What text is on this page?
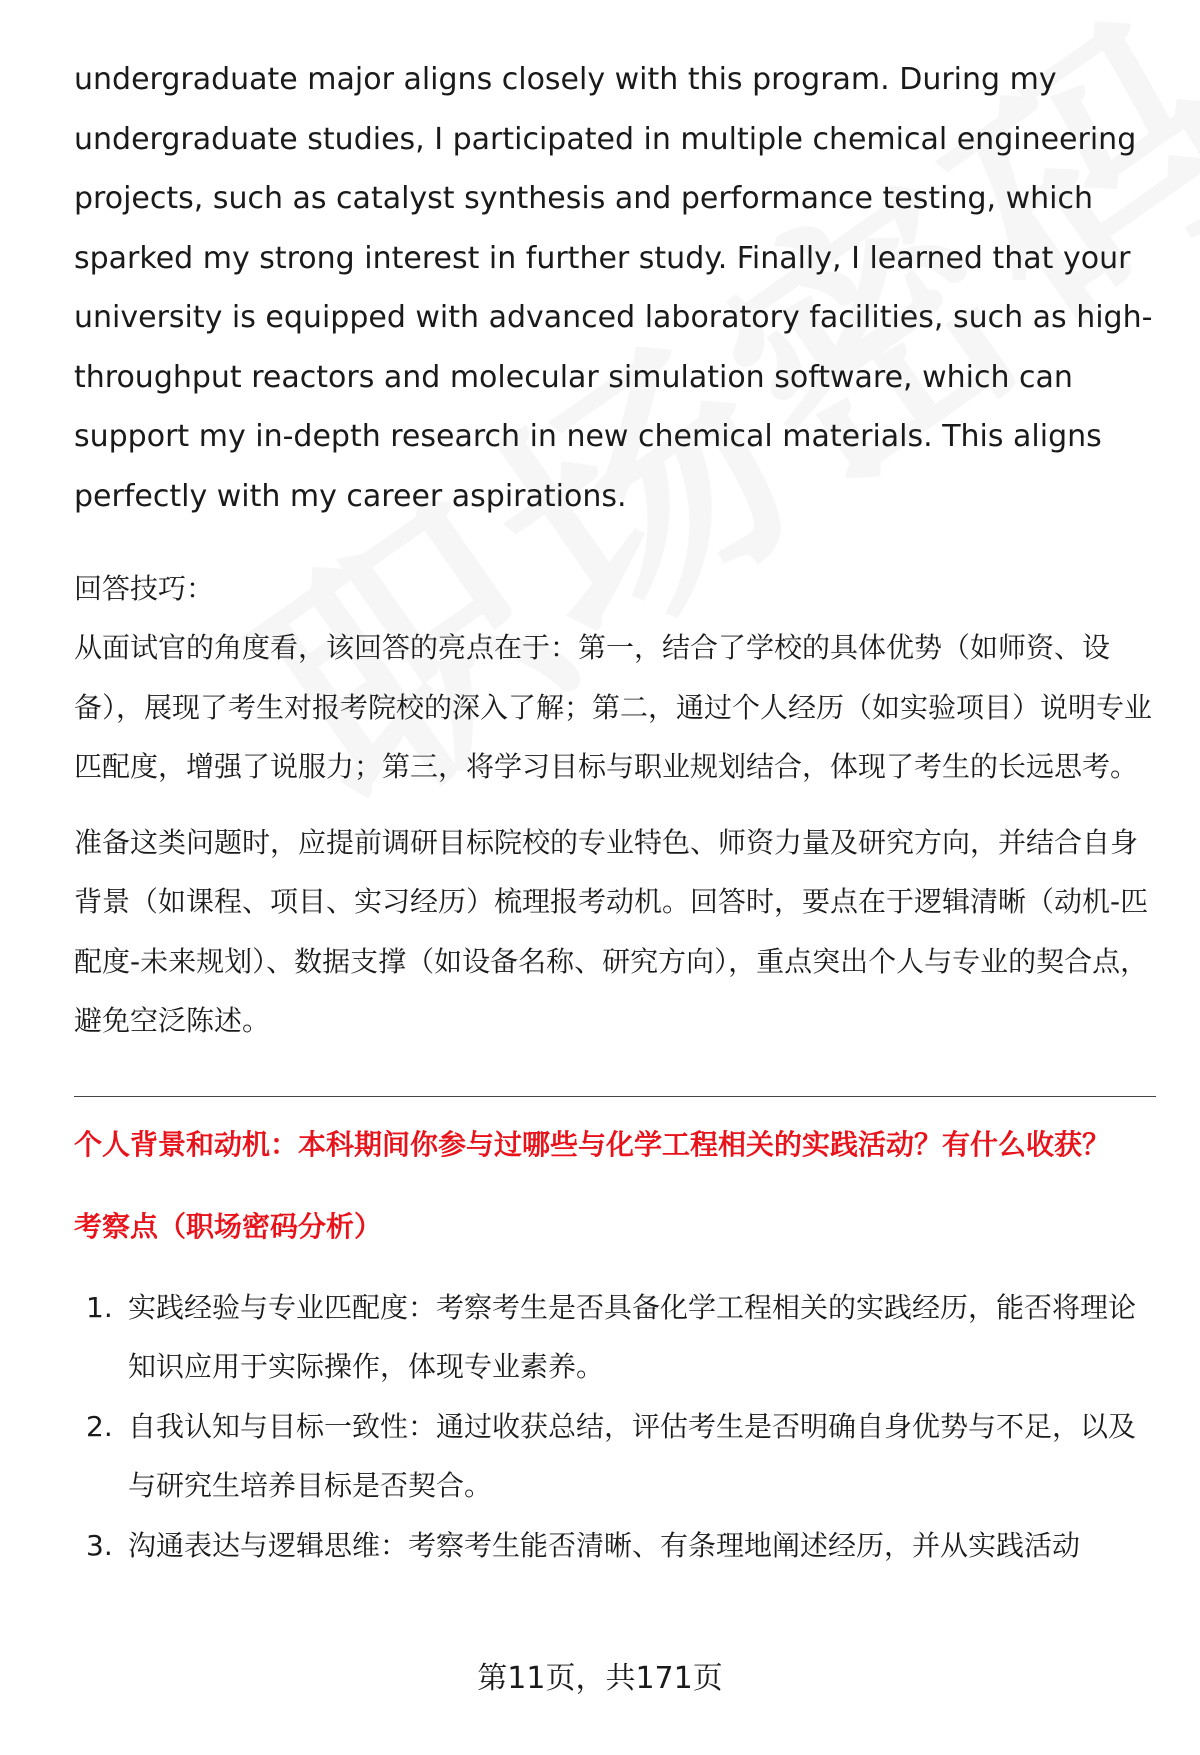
undergraduate major aligns closely with this program. During my undergraduate studies, I participated in multiple chemical engineering projects, such as catalyst synthesis and performance testing, which sparked my strong interest in further study. Finally, I learned that your university is equipped with advanced laboratory facilities, such as high-throughput reactors and molecular simulation software, which can support my in-depth research in new chemical materials. This aligns perfectly with my career aspirations.

回答技巧：

从面试官的角度看，该回答的亮点在于：第一，结合了学校的具体优势（如师资、设备），展现了考生对报考院校的深入了解；第二，通过个人经历（如实验项目）说明专业匹配度，增强了说服力；第三，将学习目标与职业规划结合，体现了考生的长远思考。

准备这类问题时，应提前调研目标院校的专业特色、师资力量及研究方向，并结合自身背景（如课程、项目、实习经历）梳理报考动机。回答时，要点在于逻辑清晰（动机-匹配度-未来规划）、数据支撑（如设备名称、研究方向），重点突出个人与专业的契合点，避免空泛陈述。

个人背景和动机：本科期间你参与过哪些与化学工程相关的实践活动？有什么收获？

考察点（职场密码分析）

1. 实践经验与专业匹配度：考察考生是否具备化学工程相关的实践经历，能否将理论知识应用于实际操作，体现专业素养。
2. 自我认知与目标一致性：通过收获总结，评估考生是否明确自身优势与不足，以及与研究生培养目标是否契合。
3. 沟通表达与逻辑思维：考察考生能否清晰、有条理地阐述经历，并从实践活动
第11页，共171页
